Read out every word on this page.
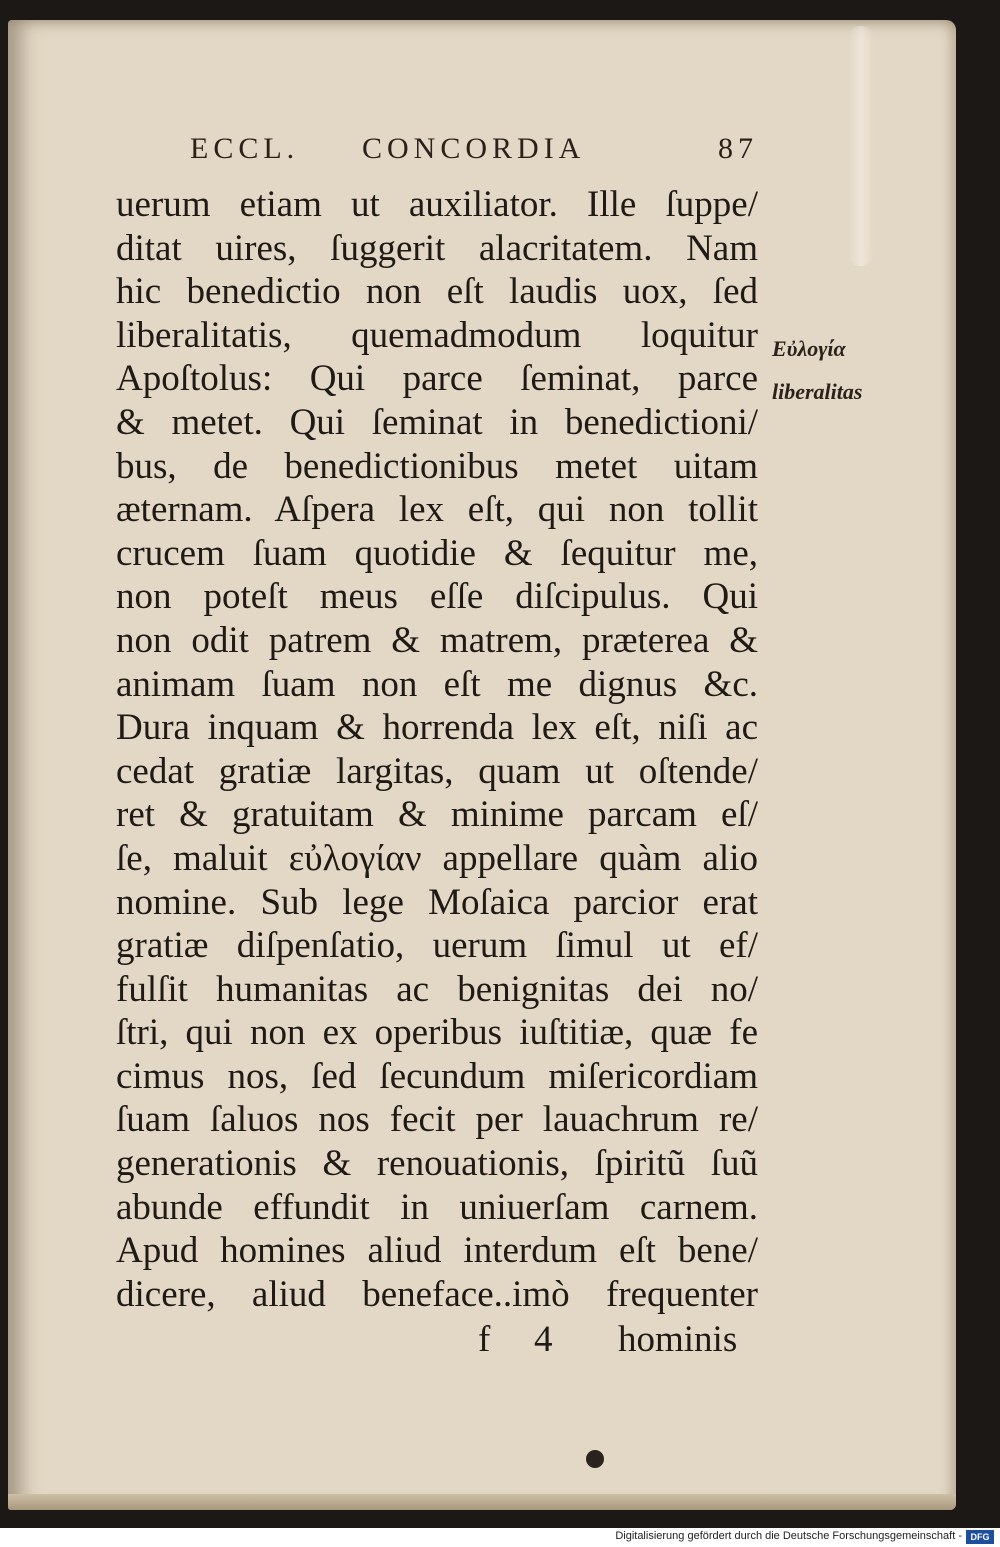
ECCL. CONCORDIA	87
uerum etiam ut auxiliator. Ille ſuppe/
ditat uires, ſuggerit alacritatem. Nam
hic benedictio non eſt laudis uox, ſed
liberalitatis, quemadmodum loquitur
Apoſtolus: Qui parce ſeminat, parce
& metet. Qui ſeminat in benedictioni/
bus, de benedictionibus metet uitam
æternam. Aſpera lex eſt, qui non tollit
crucem ſuam quotidie & ſequitur me,
non poteſt meus eſſe diſcipulus. Qui
non odit patrem & matrem, præterea &
animam ſuam non eſt me dignus &c.
Dura inquam & horrenda lex eſt, niſi ac
cedat gratiæ largitas, quam ut oſtende/
ret & gratuitam & minime parcam eſ/
ſe, maluit εὐλογίαν appellare quàm alio
nomine. Sub lege Moſaica parcior erat
gratiæ diſpenſatio, uerum ſimul ut ef/
fulſit humanitas ac benignitas dei no/
ſtri, qui non ex operibus iuſtitiæ, quæ fe
cimus nos, ſed ſecundum miſericordiam
ſuam ſaluos nos fecit per lauachrum re/
generationis & renouationis, ſpiritũ ſuũ
abunde effundit in uniuerſam carnem.
Apud homines aliud interdum eſt bene/
dicere, aliud beneface..imò frequenter
f 4 hominis
Εὐλογία
liberalitas
Digitalisierung gefördert durch die Deutsche Forschungsgemeinschaft - DFG
